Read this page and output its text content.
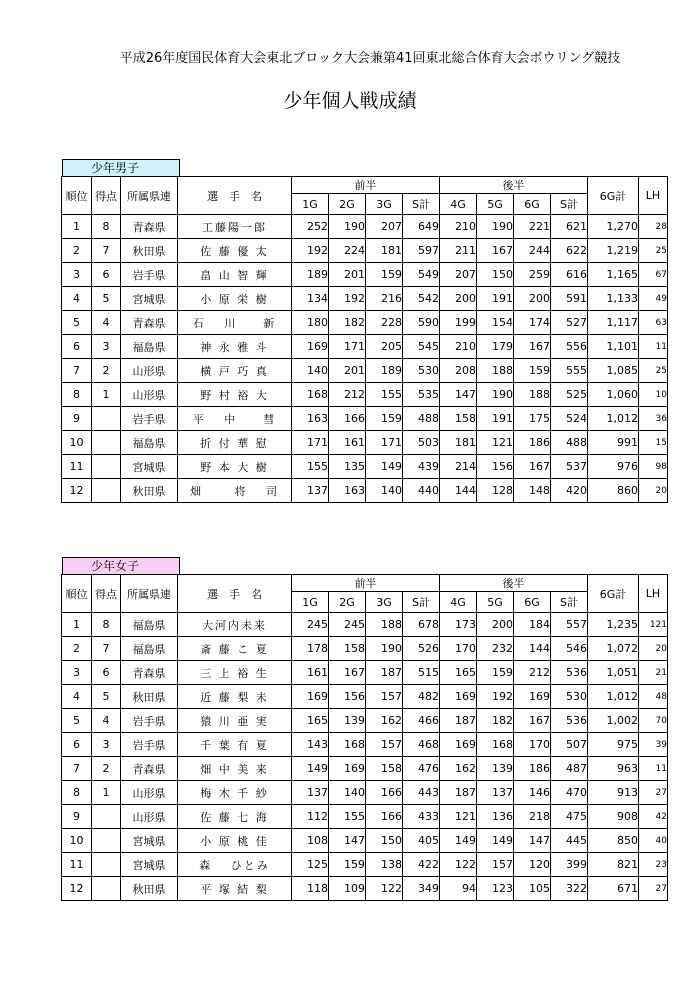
平成26年度国民体育大会東北ブロック大会兼第41回東北総合体育大会ボウリング競技
少年個人戦成績
少年男子
順位	得点	所属県連	選　手　名	前半				後半				6G計	LH
				1G	2G	3G	S計	4G	5G	6G	S計		
1	8	青森県	工藤陽一郎	252	190	207	649	210	190	221	621	1,270	28
2	7	秋田県	佐 藤 優 太	192	224	181	597	211	167	244	622	1,219	25
3	6	岩手県	畠 山 智 輝	189	201	159	549	207	150	259	616	1,165	67
4	5	宮城県	小 原 栄 樹	134	192	216	542	200	191	200	591	1,133	49
5	4	青森県	石　 川　　新	180	182	228	590	199	154	174	527	1,117	63
6	3	福島県	神 永 雅 斗	169	171	205	545	210	179	167	556	1,101	11
7	2	山形県	横 戸 巧 真	140	201	189	530	208	188	159	555	1,085	25
8	1	山形県	野 村 裕 大	168	212	155	535	147	190	188	525	1,060	10
9		岩手県	平　 中　　彗	163	166	159	488	158	191	175	524	1,012	36
10		福島県	折 付 華 慰	171	161	171	503	181	121	186	488	991	15
11		宮城県	野 本 大 樹	155	135	149	439	214	156	167	537	976	98
12		秋田県	畑　　 将　 司	137	163	140	440	144	128	148	420	860	20
少年女子
順位	得点	所属県連	選　手　名	前半				後半				6G計	LH
				1G	2G	3G	S計	4G	5G	6G	S計		
1	8	福島県	大河内未来	245	245	188	678	173	200	184	557	1,235	121
2	7	福島県	斎 藤 こ 夏	178	158	190	526	170	232	144	546	1,072	20
3	6	青森県	三 上 裕 生	161	167	187	515	165	159	212	536	1,051	21
4	5	秋田県	近 藤 梨 未	169	156	157	482	169	192	169	530	1,012	48
5	4	岩手県	猿 川 亜 実	165	139	162	466	187	182	167	536	1,002	70
6	3	岩手県	千 葉 有 夏	143	168	157	468	169	168	170	507	975	39
7	2	青森県	畑 中 美 来	149	169	158	476	162	139	186	487	963	11
8	1	山形県	梅 木 千 紗	137	140	166	443	187	137	146	470	913	27
9		山形県	佐 藤 七 海	112	155	166	433	121	136	218	475	908	42
10		宮城県	小 原 桃 佳	108	147	150	405	149	149	147	445	850	40
11		宮城県	森　 ひとみ	125	159	138	422	122	157	120	399	821	23
12		秋田県	平 塚 結 梨	118	109	122	349	94	123	105	322	671	27
